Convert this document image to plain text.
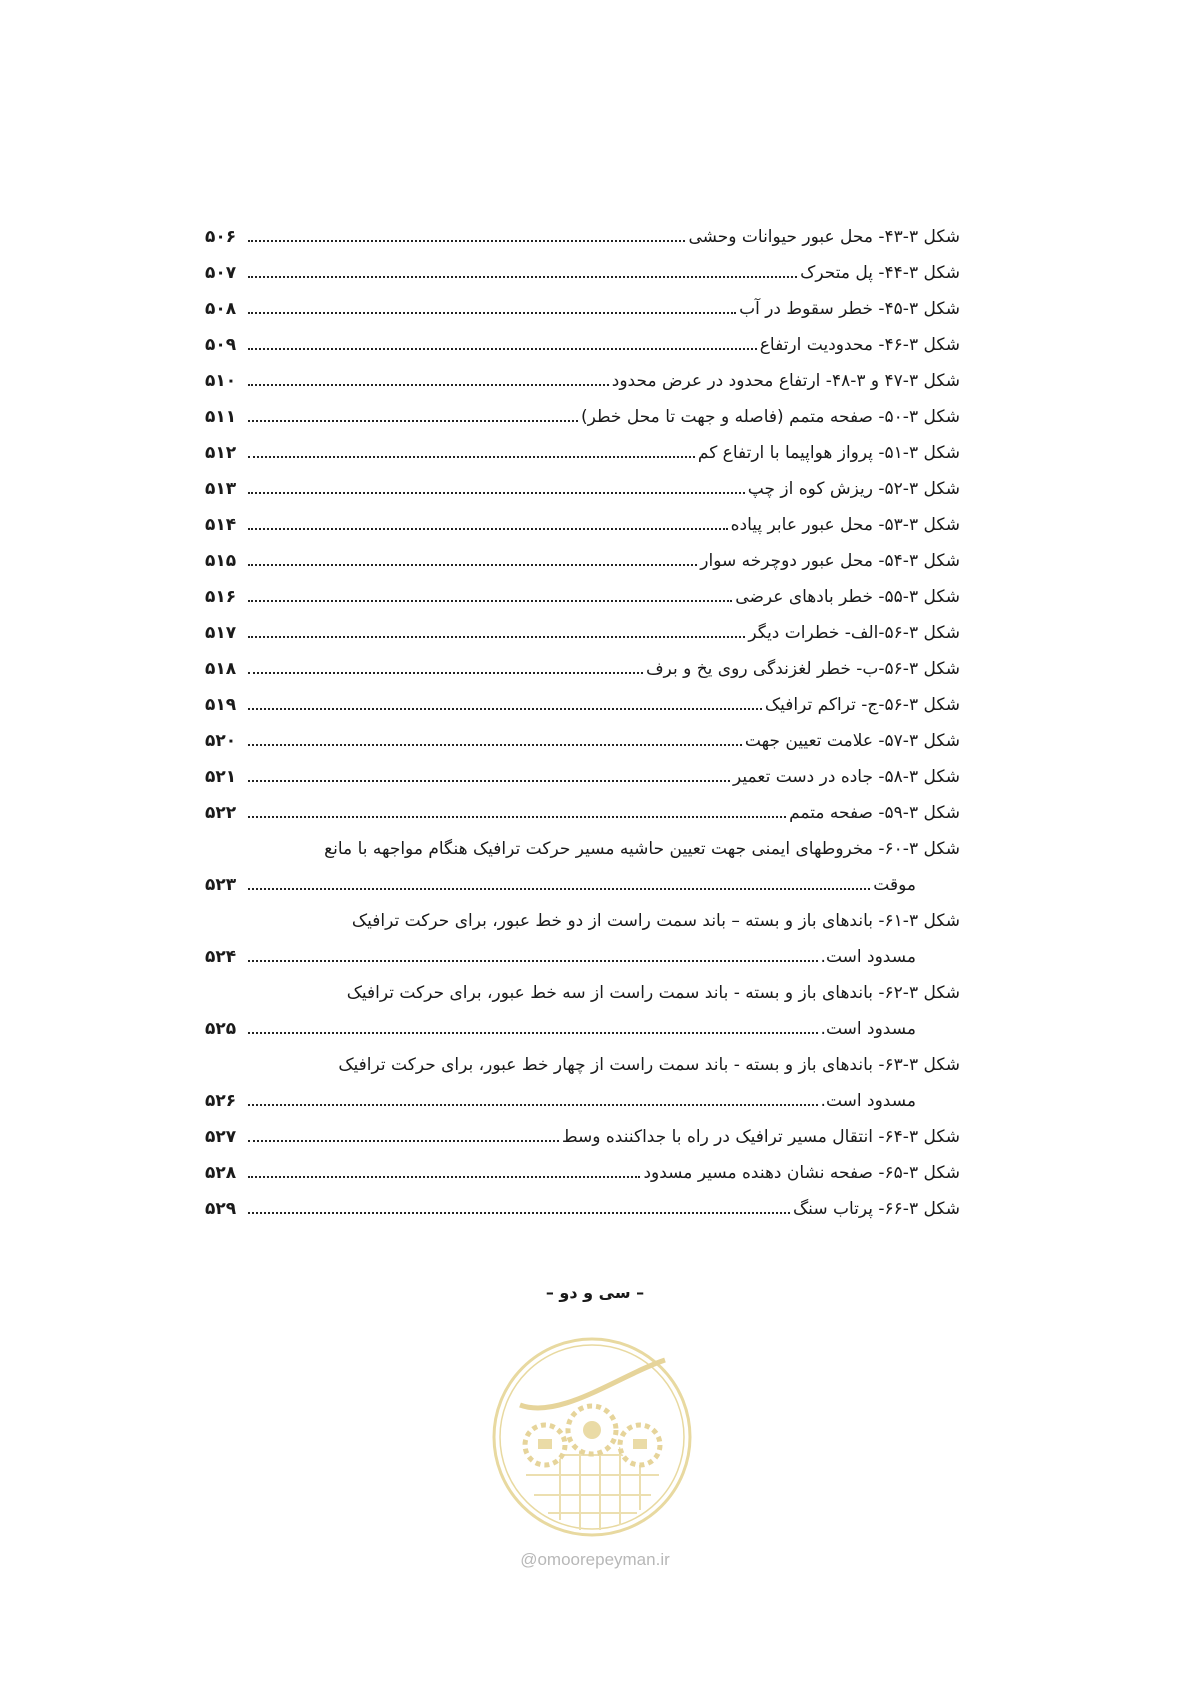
شکل ۳-۴۳- محل عبور حیوانات وحشی
۵۰۶
شکل ۳-۴۴- پل متحرک
۵۰۷
شکل ۳-۴۵- خطر سقوط در آب
۵۰۸
شکل ۳-۴۶- محدودیت ارتفاع
۵۰۹
شکل ۳-۴۷ و ۳-۴۸- ارتفاع محدود در عرض محدود
۵۱۰
شکل ۳-۵۰- صفحه متمم (فاصله و جهت تا محل خطر)
۵۱۱
شکل ۳-۵۱- پرواز هواپیما با ارتفاع کم
۵۱۲
شکل ۳-۵۲- ریزش کوه از چپ
۵۱۳
شکل ۳-۵۳- محل عبور عابر پیاده
۵۱۴
شکل ۳-۵۴- محل عبور دوچرخه سوار
۵۱۵
شکل ۳-۵۵- خطر بادهای عرضی
۵۱۶
شکل ۳-۵۶-الف- خطرات دیگر
۵۱۷
شکل ۳-۵۶-ب- خطر لغزندگی روی یخ و برف
۵۱۸
شکل ۳-۵۶-ج- تراکم ترافیک
۵۱۹
شکل ۳-۵۷- علامت تعیین جهت
۵۲۰
شکل ۳-۵۸- جاده در دست تعمیر
۵۲۱
شکل ۳-۵۹- صفحه متمم
۵۲۲
شکل ۳-۶۰- مخروطهای ایمنی جهت تعیین حاشیه مسیر حرکت ترافیک هنگام مواجهه با مانع
موقت
۵۲۳
شکل ۳-۶۱- باندهای باز و بسته – باند سمت راست از دو خط عبور، برای حرکت ترافیک
مسدود است.
۵۲۴
شکل ۳-۶۲- باندهای باز و بسته - باند سمت راست از سه خط عبور، برای حرکت ترافیک
مسدود است.
۵۲۵
شکل ۳-۶۳- باندهای باز و بسته - باند سمت راست از چهار خط عبور، برای حرکت ترافیک
مسدود است.
۵۲۶
شکل ۳-۶۴- انتقال مسیر ترافیک در راه با جداکننده وسط
۵۲۷
شکل ۳-۶۵- صفحه نشان دهنده مسیر مسدود
۵۲۸
شکل ۳-۶۶- پرتاب سنگ
۵۲۹
– سی و دو –
@omoorepeyman.ir
